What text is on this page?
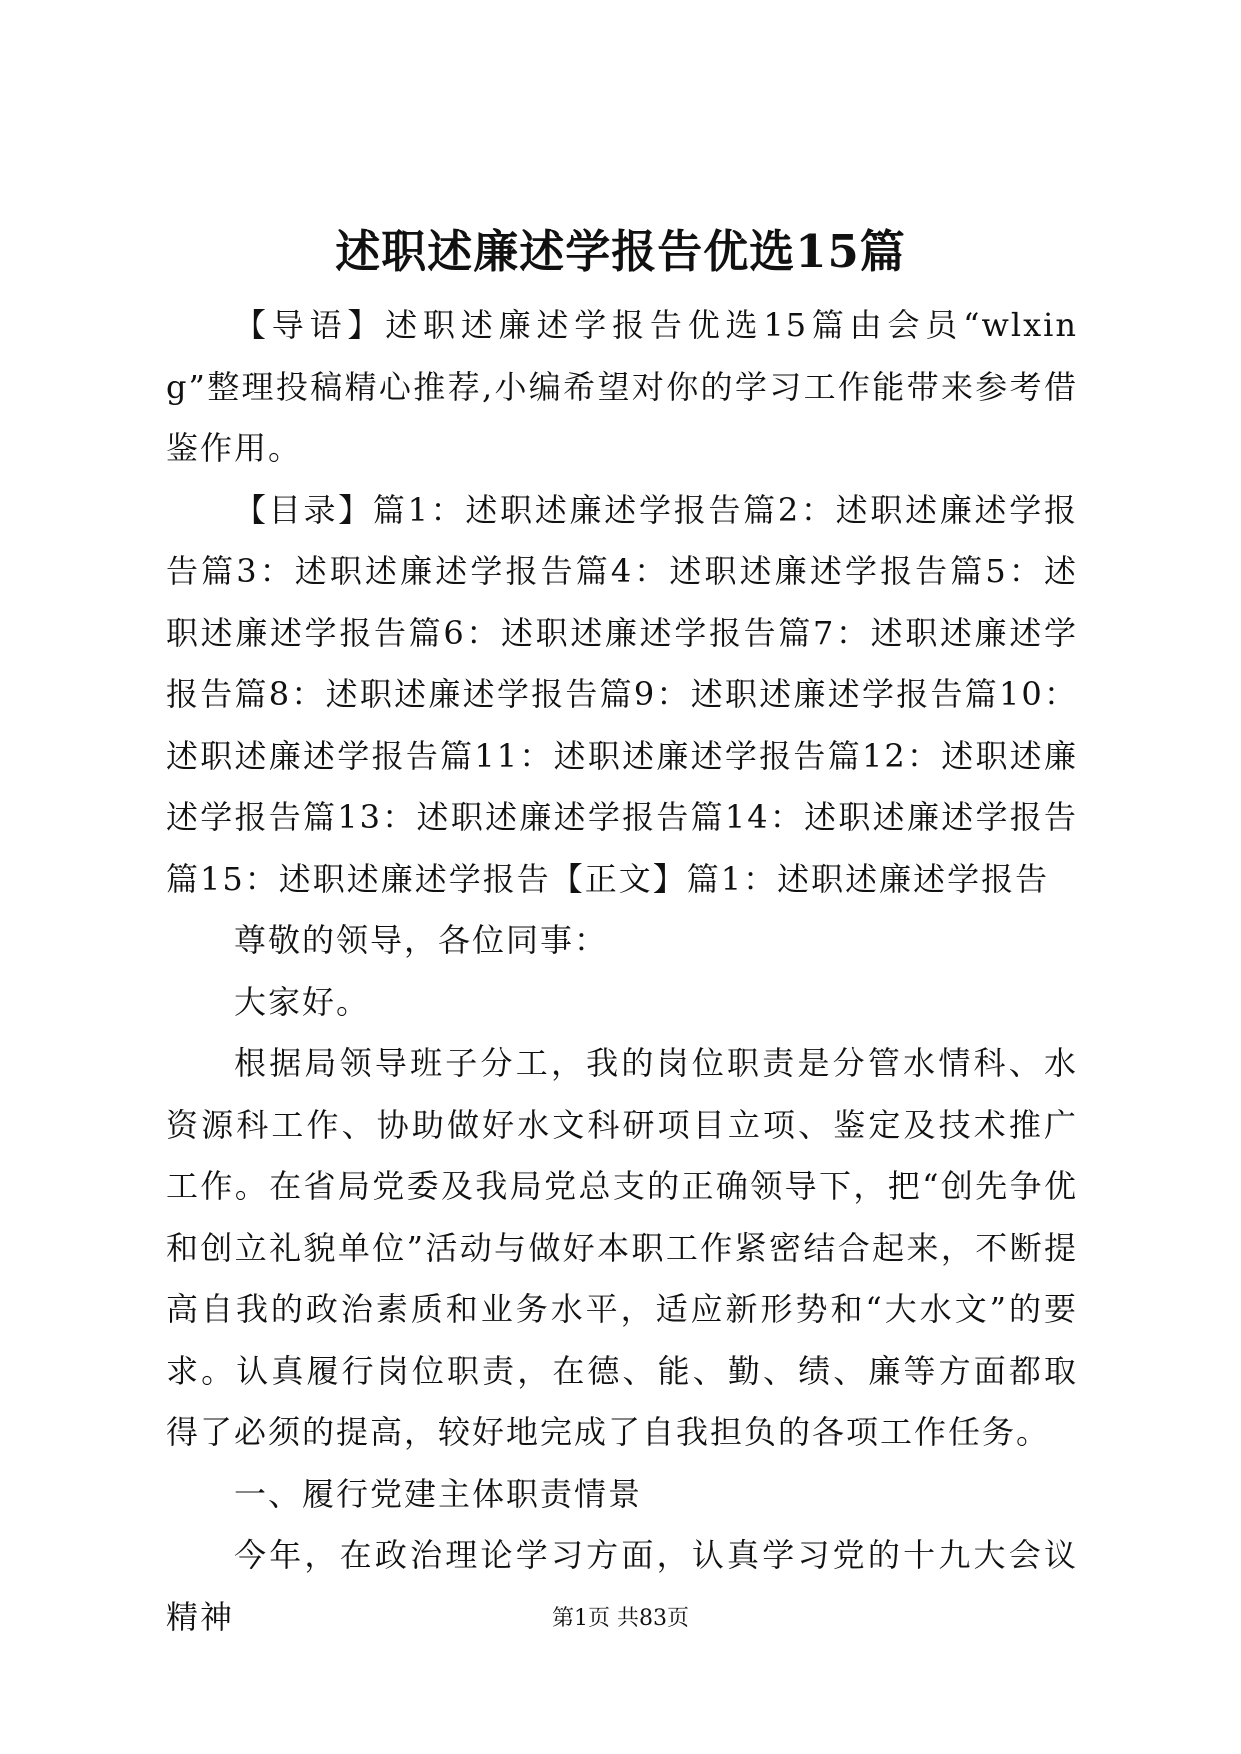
述职述廉述学报告优选15篇

【导语】述职述廉述学报告优选15篇由会员“wlxing”整理投稿精心推荐,小编希望对你的学习工作能带来参考借鉴作用。

【目录】篇1：述职述廉述学报告篇2：述职述廉述学报告篇3：述职述廉述学报告篇4：述职述廉述学报告篇5：述职述廉述学报告篇6：述职述廉述学报告篇7：述职述廉述学报告篇8：述职述廉述学报告篇9：述职述廉述学报告篇10：述职述廉述学报告篇11：述职述廉述学报告篇12：述职述廉述学报告篇13：述职述廉述学报告篇14：述职述廉述学报告篇15：述职述廉述学报告【正文】篇1：述职述廉述学报告

尊敬的领导，各位同事：

大家好。

根据局领导班子分工，我的岗位职责是分管水情科、水资源科工作、协助做好水文科研项目立项、鉴定及技术推广工作。在省局党委及我局党总支的正确领导下，把“创先争优和创立礼貌单位”活动与做好本职工作紧密结合起来，不断提高自我的政治素质和业务水平，适应新形势和“大水文”的要求。认真履行岗位职责，在德、能、勤、绩、廉等方面都取得了必须的提高，较好地完成了自我担负的各项工作任务。

一、履行党建主体职责情景

今年，在政治理论学习方面，认真学习党的十九大会议精神	第1页 共83页
